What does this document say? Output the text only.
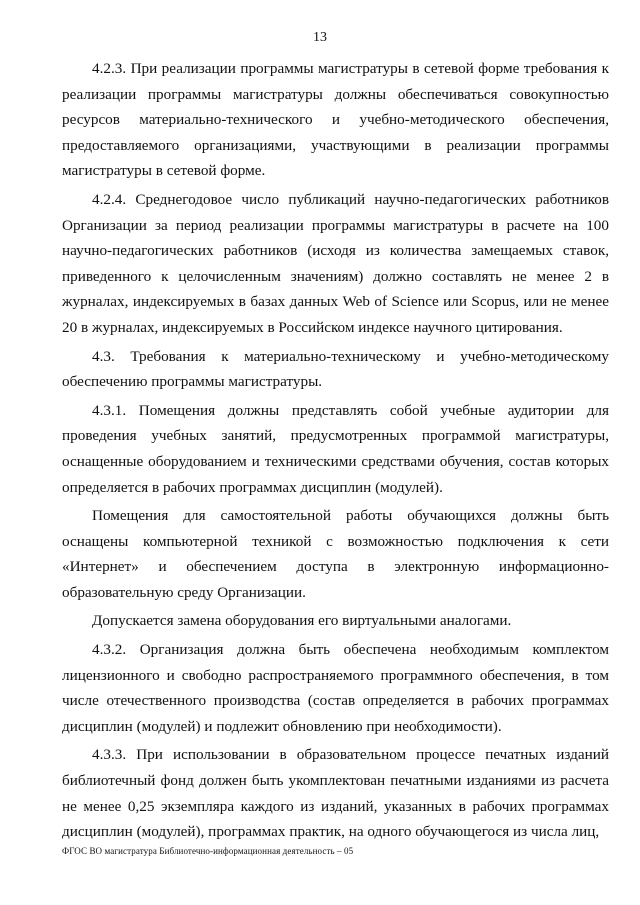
13

4.2.3. При реализации программы магистратуры в сетевой форме требования к реализации программы магистратуры должны обеспечиваться совокупностью ресурсов материально-технического и учебно-методического обеспечения, предоставляемого организациями, участвующими в реализации программы магистратуры в сетевой форме.

4.2.4. Среднегодовое число публикаций научно-педагогических работников Организации за период реализации программы магистратуры в расчете на 100 научно-педагогических работников (исходя из количества замещаемых ставок, приведенного к целочисленным значениям) должно составлять не менее 2 в журналах, индексируемых в базах данных Web of Science или Scopus, или не менее 20 в журналах, индексируемых в Российском индексе научного цитирования.

4.3. Требования к материально-техническому и учебно-методическому обеспечению программы магистратуры.

4.3.1. Помещения должны представлять собой учебные аудитории для проведения учебных занятий, предусмотренных программой магистратуры, оснащенные оборудованием и техническими средствами обучения, состав которых определяется в рабочих программах дисциплин (модулей).

Помещения для самостоятельной работы обучающихся должны быть оснащены компьютерной техникой с возможностью подключения к сети «Интернет» и обеспечением доступа в электронную информационно-образовательную среду Организации.

Допускается замена оборудования его виртуальными аналогами.

4.3.2. Организация должна быть обеспечена необходимым комплектом лицензионного и свободно распространяемого программного обеспечения, в том числе отечественного производства (состав определяется в рабочих программах дисциплин (модулей) и подлежит обновлению при необходимости).

4.3.3. При использовании в образовательном процессе печатных изданий библиотечный фонд должен быть укомплектован печатными изданиями из расчета не менее 0,25 экземпляра каждого из изданий, указанных в рабочих программах дисциплин (модулей), программах практик, на одного обучающегося из числа лиц,

ФГОС ВО магистратура Библиотечно-информационная деятельность – 05
